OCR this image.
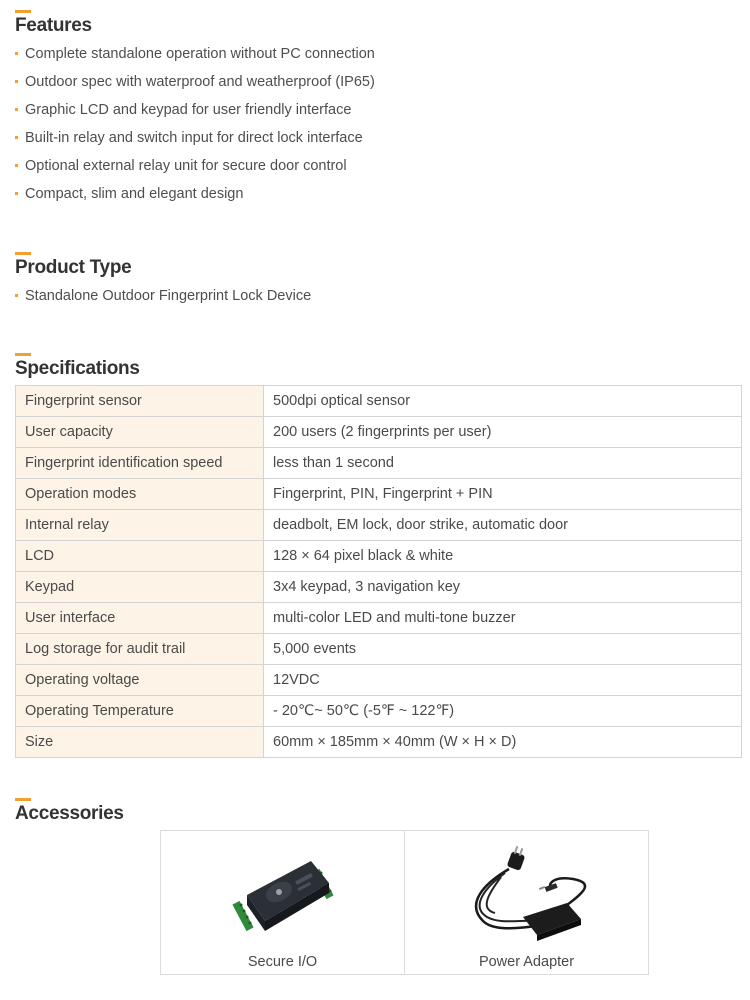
Features
Complete standalone operation without PC connection
Outdoor spec with waterproof and weatherproof (IP65)
Graphic LCD and keypad for user friendly interface
Built-in relay and switch input for direct lock interface
Optional external relay unit for secure door control
Compact, slim and elegant design
Product Type
Standalone Outdoor Fingerprint Lock Device
Specifications
Fingerprint sensor	500dpi optical sensor
User capacity	200 users (2 fingerprints per user)
Fingerprint identification speed	less than 1 second
Operation modes	Fingerprint, PIN, Fingerprint + PIN
Internal relay	deadbolt, EM lock, door strike, automatic door
LCD	128 × 64 pixel black & white
Keypad	3x4 keypad, 3 navigation key
User interface	multi-color LED and multi-tone buzzer
Log storage for audit trail	5,000 events
Operating voltage	12VDC
Operating Temperature	- 20℃~ 50℃ (-5℉ ~ 122℉)
Size	60mm × 185mm × 40mm (W × H × D)
Accessories
Secure I/O	Power Adapter
